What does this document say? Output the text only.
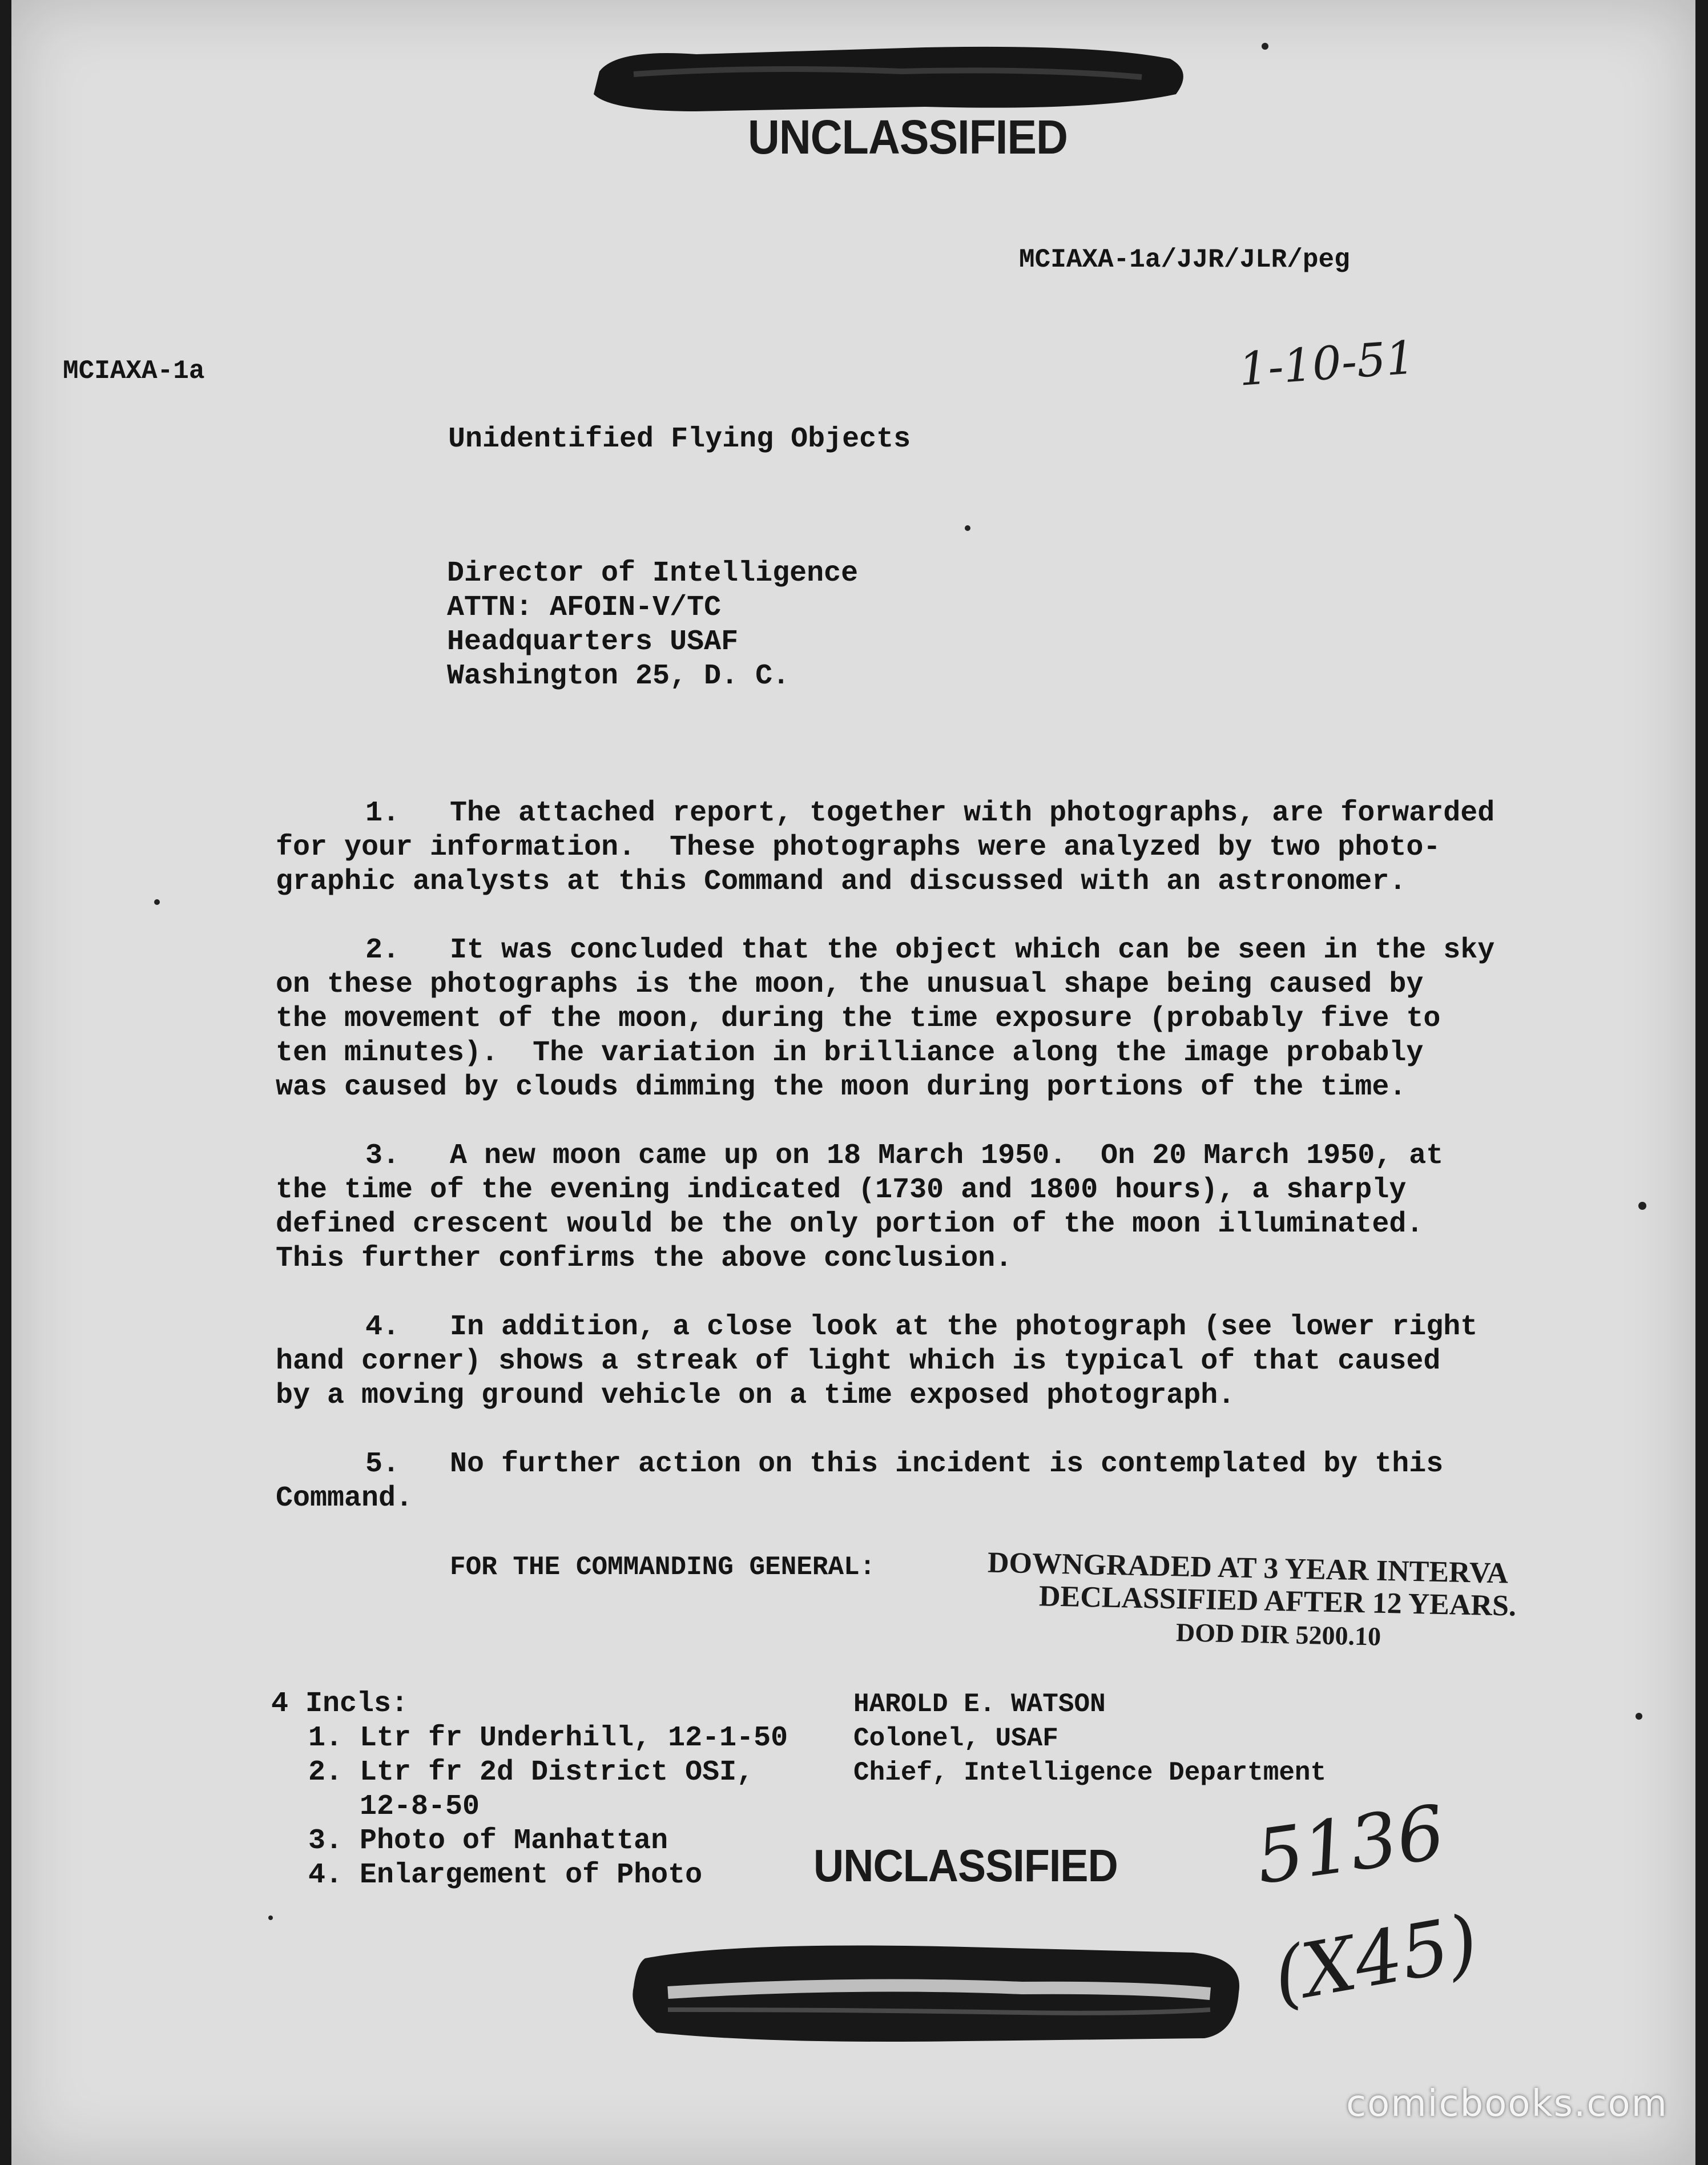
UNCLASSIFIED
MCIAXA-1a/JJR/JLR/peg
MCIAXA-1a	1-10-51
Unidentified Flying Objects
Director of Intelligence
ATTN: AFOIN-V/TC
Headquarters USAF
Washington 25, D. C.
1. The attached report, together with photographs, are forwarded
for your information.  These photographs were analyzed by two photo-
graphic analysts at this Command and discussed with an astronomer.
2. It was concluded that the object which can be seen in the sky
on these photographs is the moon, the unusual shape being caused by
the movement of the moon, during the time exposure (probably five to
ten minutes).  The variation in brilliance along the image probably
was caused by clouds dimming the moon during portions of the time.
3. A new moon came up on 18 March 1950.  On 20 March 1950, at
the time of the evening indicated (1730 and 1800 hours), a sharply
defined crescent would be the only portion of the moon illuminated.
This further confirms the above conclusion.
4. In addition, a close look at the photograph (see lower right
hand corner) shows a streak of light which is typical of that caused
by a moving ground vehicle on a time exposed photograph.
5. No further action on this incident is contemplated by this
Command.
FOR THE COMMANDING GENERAL:	DOWNGRADED AT 3 YEAR INTERVA
DECLASSIFIED AFTER 12 YEARS.
DOD DIR 5200.10
4 Incls:
1. Ltr fr Underhill, 12-1-50
2. Ltr fr 2d District OSI,
12-8-50
3. Photo of Manhattan
4. Enlargement of Photo
HAROLD E. WATSON
Colonel, USAF
Chief, Intelligence Department
UNCLASSIFIED 5136
(X45)
comicbooks.com
